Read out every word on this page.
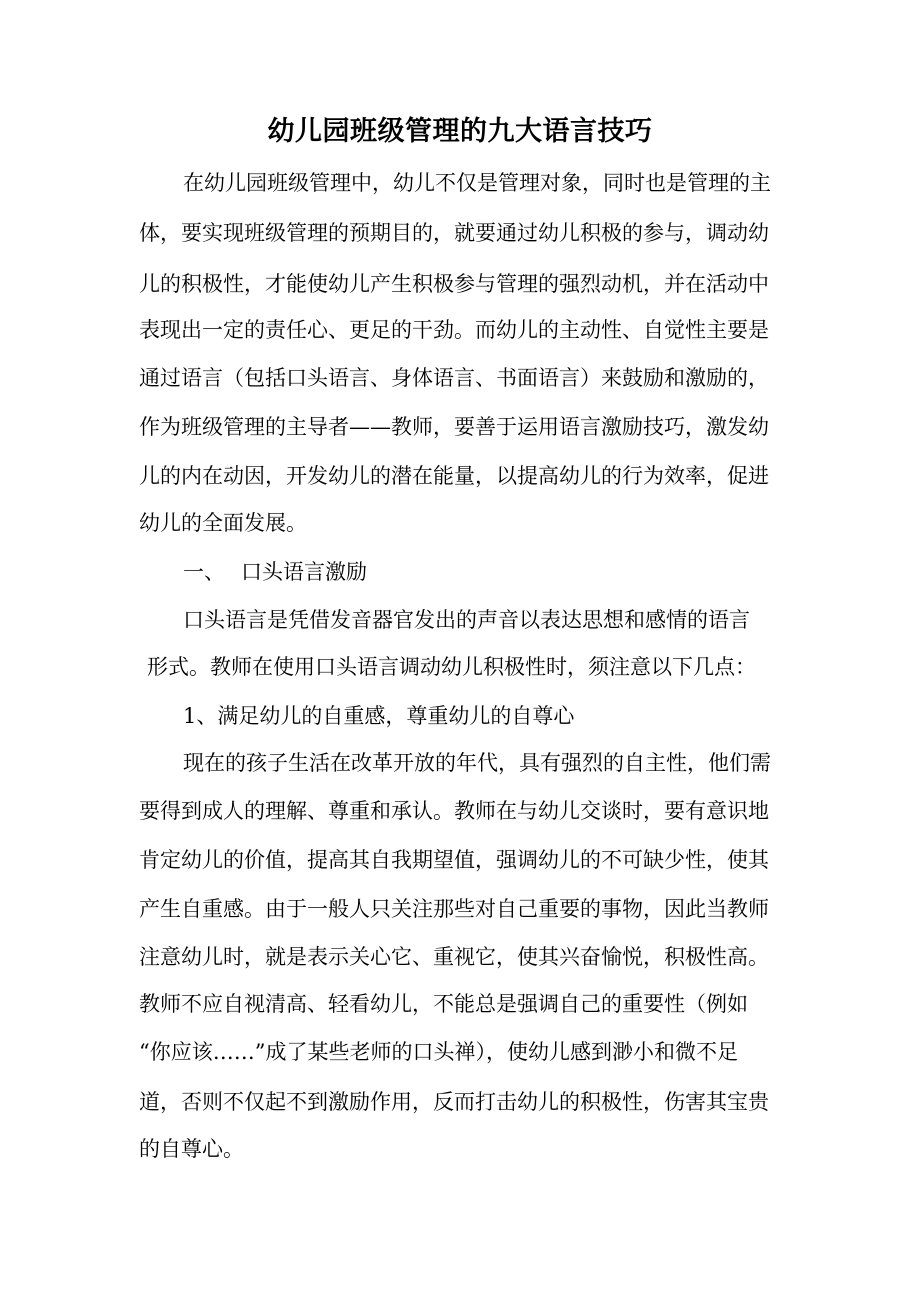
幼儿园班级管理的九大语言技巧

在幼儿园班级管理中，幼儿不仅是管理对象，同时也是管理的主

体，要实现班级管理的预期目的，就要通过幼儿积极的参与，调动幼

儿的积极性，才能使幼儿产生积极参与管理的强烈动机，并在活动中

表现出一定的责任心、更足的干劲。而幼儿的主动性、自觉性主要是

通过语言（包括口头语言、身体语言、书面语言）来鼓励和激励的，

作为班级管理的主导者——教师，要善于运用语言激励技巧，激发幼

儿的内在动因，开发幼儿的潜在能量，以提高幼儿的行为效率，促进

幼儿的全面发展。

一、 口头语言激励

口头语言是凭借发音器官发出的声音以表达思想和感情的语言

形式。教师在使用口头语言调动幼儿积极性时，须注意以下几点：

1、满足幼儿的自重感，尊重幼儿的自尊心

现在的孩子生活在改革开放的年代，具有强烈的自主性，他们需

要得到成人的理解、尊重和承认。教师在与幼儿交谈时，要有意识地

肯定幼儿的价值，提高其自我期望值，强调幼儿的不可缺少性，使其

产生自重感。由于一般人只关注那些对自己重要的事物，因此当教师

注意幼儿时，就是表示关心它、重视它，使其兴奋愉悦，积极性高。

教师不应自视清高、轻看幼儿，不能总是强调自己的重要性（例如

“你应该……”成了某些老师的口头禅），使幼儿感到渺小和微不足

道，否则不仅起不到激励作用，反而打击幼儿的积极性，伤害其宝贵

的自尊心。
